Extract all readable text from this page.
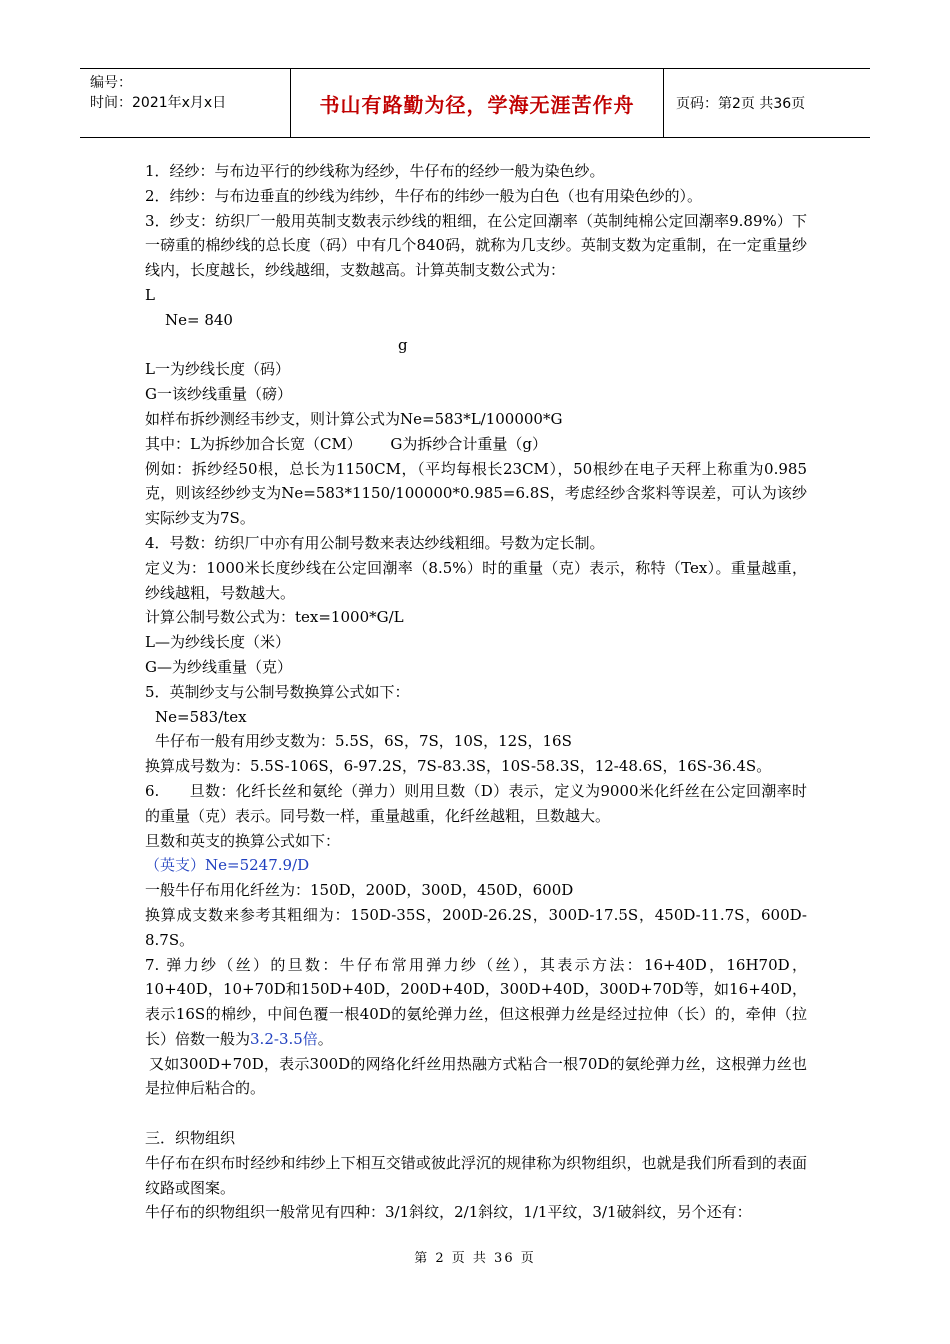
编号：
时间：2021年x月x日	书山有路勤为径，学海无涯苦作舟	页码：第2页 共36页
1．经纱：与布边平行的纱线称为经纱，牛仔布的经纱一般为染色纱。
2．纬纱：与布边垂直的纱线为纬纱，牛仔布的纬纱一般为白色（也有用染色纱的）。
3．纱支：纺织厂一般用英制支数表示纱线的粗细，在公定回潮率（英制纯棉公定回潮率9.89%）下一磅重的棉纱线的总长度（码）中有几个840码，就称为几支纱。英制支数为定重制，在一定重量纱线内，长度越长，纱线越细，支数越高。计算英制支数公式为：
L
Ne= 840
g
L一为纱线长度（码）
G一该纱线重量（磅）
如样布拆纱测经韦纱支，则计算公式为Ne=583*L/100000*G
其中：L为拆纱加合长宽（CM）      G为拆纱合计重量（g）
例如：拆纱经50根，总长为1150CM，（平均每根长23CM），50根纱在电子天秤上称重为0.985克，则该经纱纱支为Ne=583*1150/100000*0.985=6.8S，考虑经纱含浆料等误差，可认为该纱实际纱支为7S。
4．号数：纺织厂中亦有用公制号数来表达纱线粗细。号数为定长制。
定义为：1000米长度纱线在公定回潮率（8.5%）时的重量（克）表示，称特（Tex）。重量越重，纱线越粗，号数越大。
计算公制号数公式为：tex=1000*G/L
L—为纱线长度（米）
G—为纱线重量（克）
5．英制纱支与公制号数换算公式如下：
Ne=583/tex
牛仔布一般有用纱支数为：5.5S，6S，7S，10S，12S，16S
换算成号数为：5.5S-106S，6-97.2S，7S-83.3S，10S-58.3S，12-48.6S，16S-36.4S。
6.      旦数：化纤长丝和氨纶（弹力）则用旦数（D）表示，定义为9000米化纤丝在公定回潮率时的重量（克）表示。同号数一样，重量越重，化纤丝越粗，旦数越大。
旦数和英支的换算公式如下：
（英支）Ne=5247.9/D
一般牛仔布用化纤丝为：150D，200D，300D，450D，600D
换算成支数来参考其粗细为：150D-35S，200D-26.2S，300D-17.5S，450D-11.7S，600D-8.7S。
7. 弹力纱（丝）的旦数：牛仔布常用弹力纱（丝），其表示方法：16+40D，16H70D，10+40D，10+70D和150D+40D，200D+40D，300D+40D，300D+70D等，如16+40D，表示16S的棉纱，中间色覆一根40D的氨纶弹力丝，但这根弹力丝是经过拉伸（长）的，牵伸（拉长）倍数一般为3.2-3.5倍。
又如300D+70D，表示300D的网络化纤丝用热融方式粘合一根70D的氨纶弹力丝，这根弹力丝也是拉伸后粘合的。
三．织物组织
牛仔布在织布时经纱和纬纱上下相互交错或彼此浮沉的规律称为织物组织，也就是我们所看到的表面纹路或图案。
牛仔布的织物组织一般常见有四种：3/1斜纹，2/1斜纹，1/1平纹，3/1破斜纹，另个还有：
第 2 页 共 36 页
